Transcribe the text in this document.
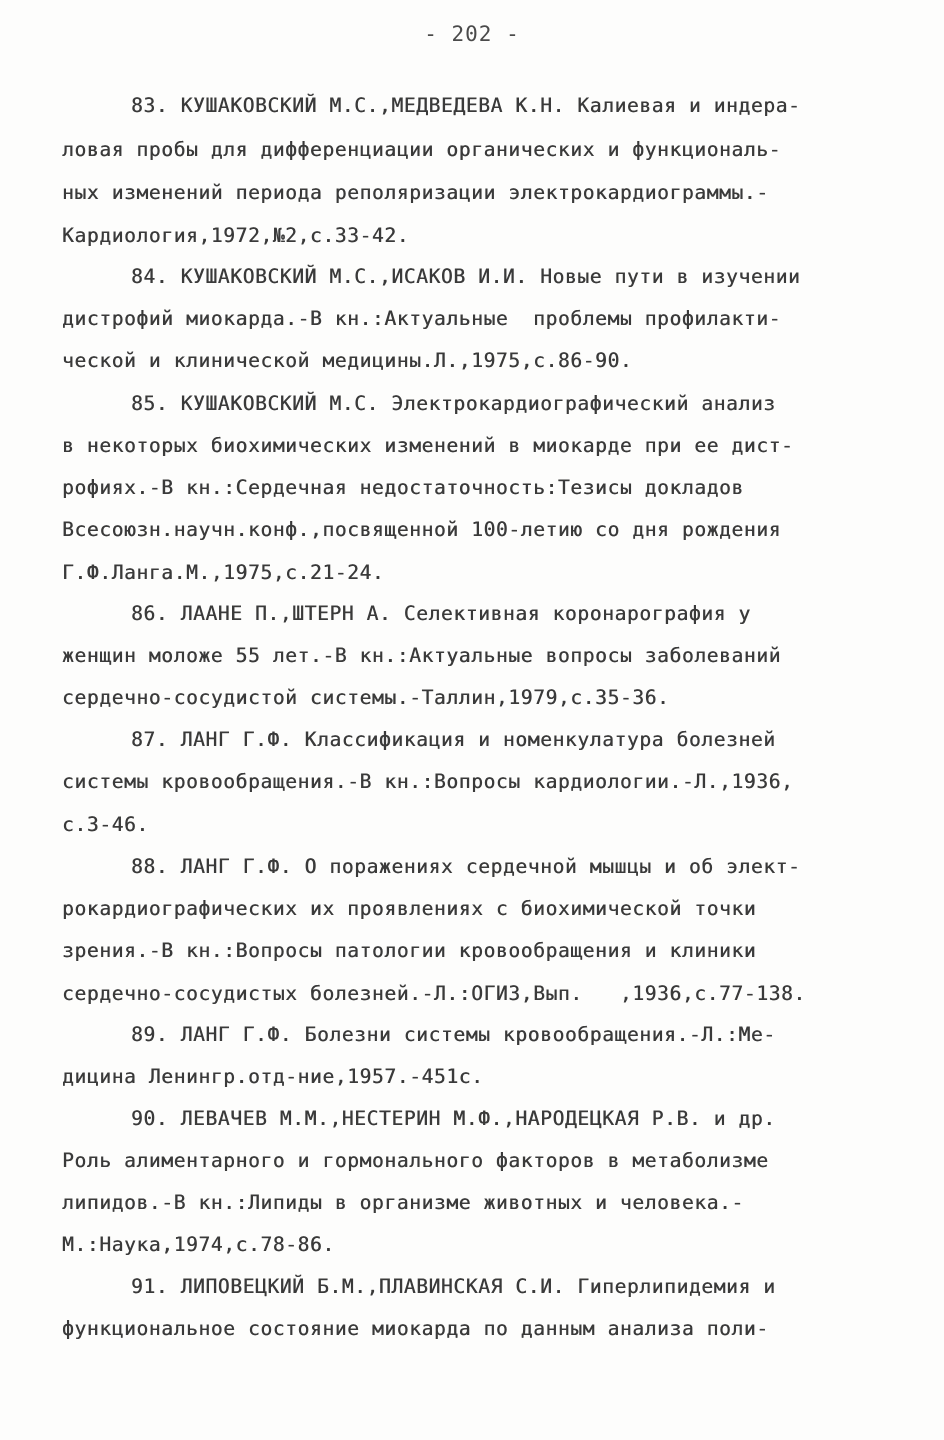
- 202 -
83. КУШАКОВСКИЙ М.С.,МЕДВЕДЕВА К.Н. Калиевая и индера-
ловая пробы для дифференциации органических и функциональ-
ных изменений периода реполяризации электрокардиограммы.-
Кардиология,1972,№2,с.33-42.
84. КУШАКОВСКИЙ М.С.,ИСАКОВ И.И. Новые пути в изучении
дистрофий миокарда.-В кн.:Актуальные  проблемы профилакти-
ческой и клинической медицины.Л.,1975,с.86-90.
85. КУШАКОВСКИЙ М.С. Электрокардиографический анализ
в некоторых биохимических изменений в миокарде при ее дист-
рофиях.-В кн.:Сердечная недостаточность:Тезисы докладов
Всесоюзн.научн.конф.,посвященной 100-летию со дня рождения
Г.Ф.Ланга.М.,1975,с.21-24.
86. ЛААНЕ П.,ШТЕРН А. Селективная коронарография у
женщин моложе 55 лет.-В кн.:Актуальные вопросы заболеваний
сердечно-сосудистой системы.-Таллин,1979,с.35-36.
87. ЛАНГ Г.Ф. Классификация и номенкулатура болезней
системы кровообращения.-В кн.:Вопросы кардиологии.-Л.,1936,
с.3-46.
88. ЛАНГ Г.Ф. О поражениях сердечной мышцы и об элект-
рокардиографических их проявлениях с биохимической точки
зрения.-В кн.:Вопросы патологии кровообращения и клиники
сердечно-сосудистых болезней.-Л.:ОГИЗ,Вып.   ,1936,с.77-138.
89. ЛАНГ Г.Ф. Болезни системы кровообращения.-Л.:Ме-
дицина Ленингр.отд-ние,1957.-451с.
90. ЛЕВАЧЕВ М.М.,НЕСТЕРИН М.Ф.,НАРОДЕЦКАЯ Р.В. и др.
Роль алиментарного и гормонального факторов в метаболизме
липидов.-В кн.:Липиды в организме животных и человека.-
М.:Наука,1974,с.78-86.
91. ЛИПОВЕЦКИЙ Б.М.,ПЛАВИНСКАЯ С.И. Гиперлипидемия и
функциональное состояние миокарда по данным анализа поли-
